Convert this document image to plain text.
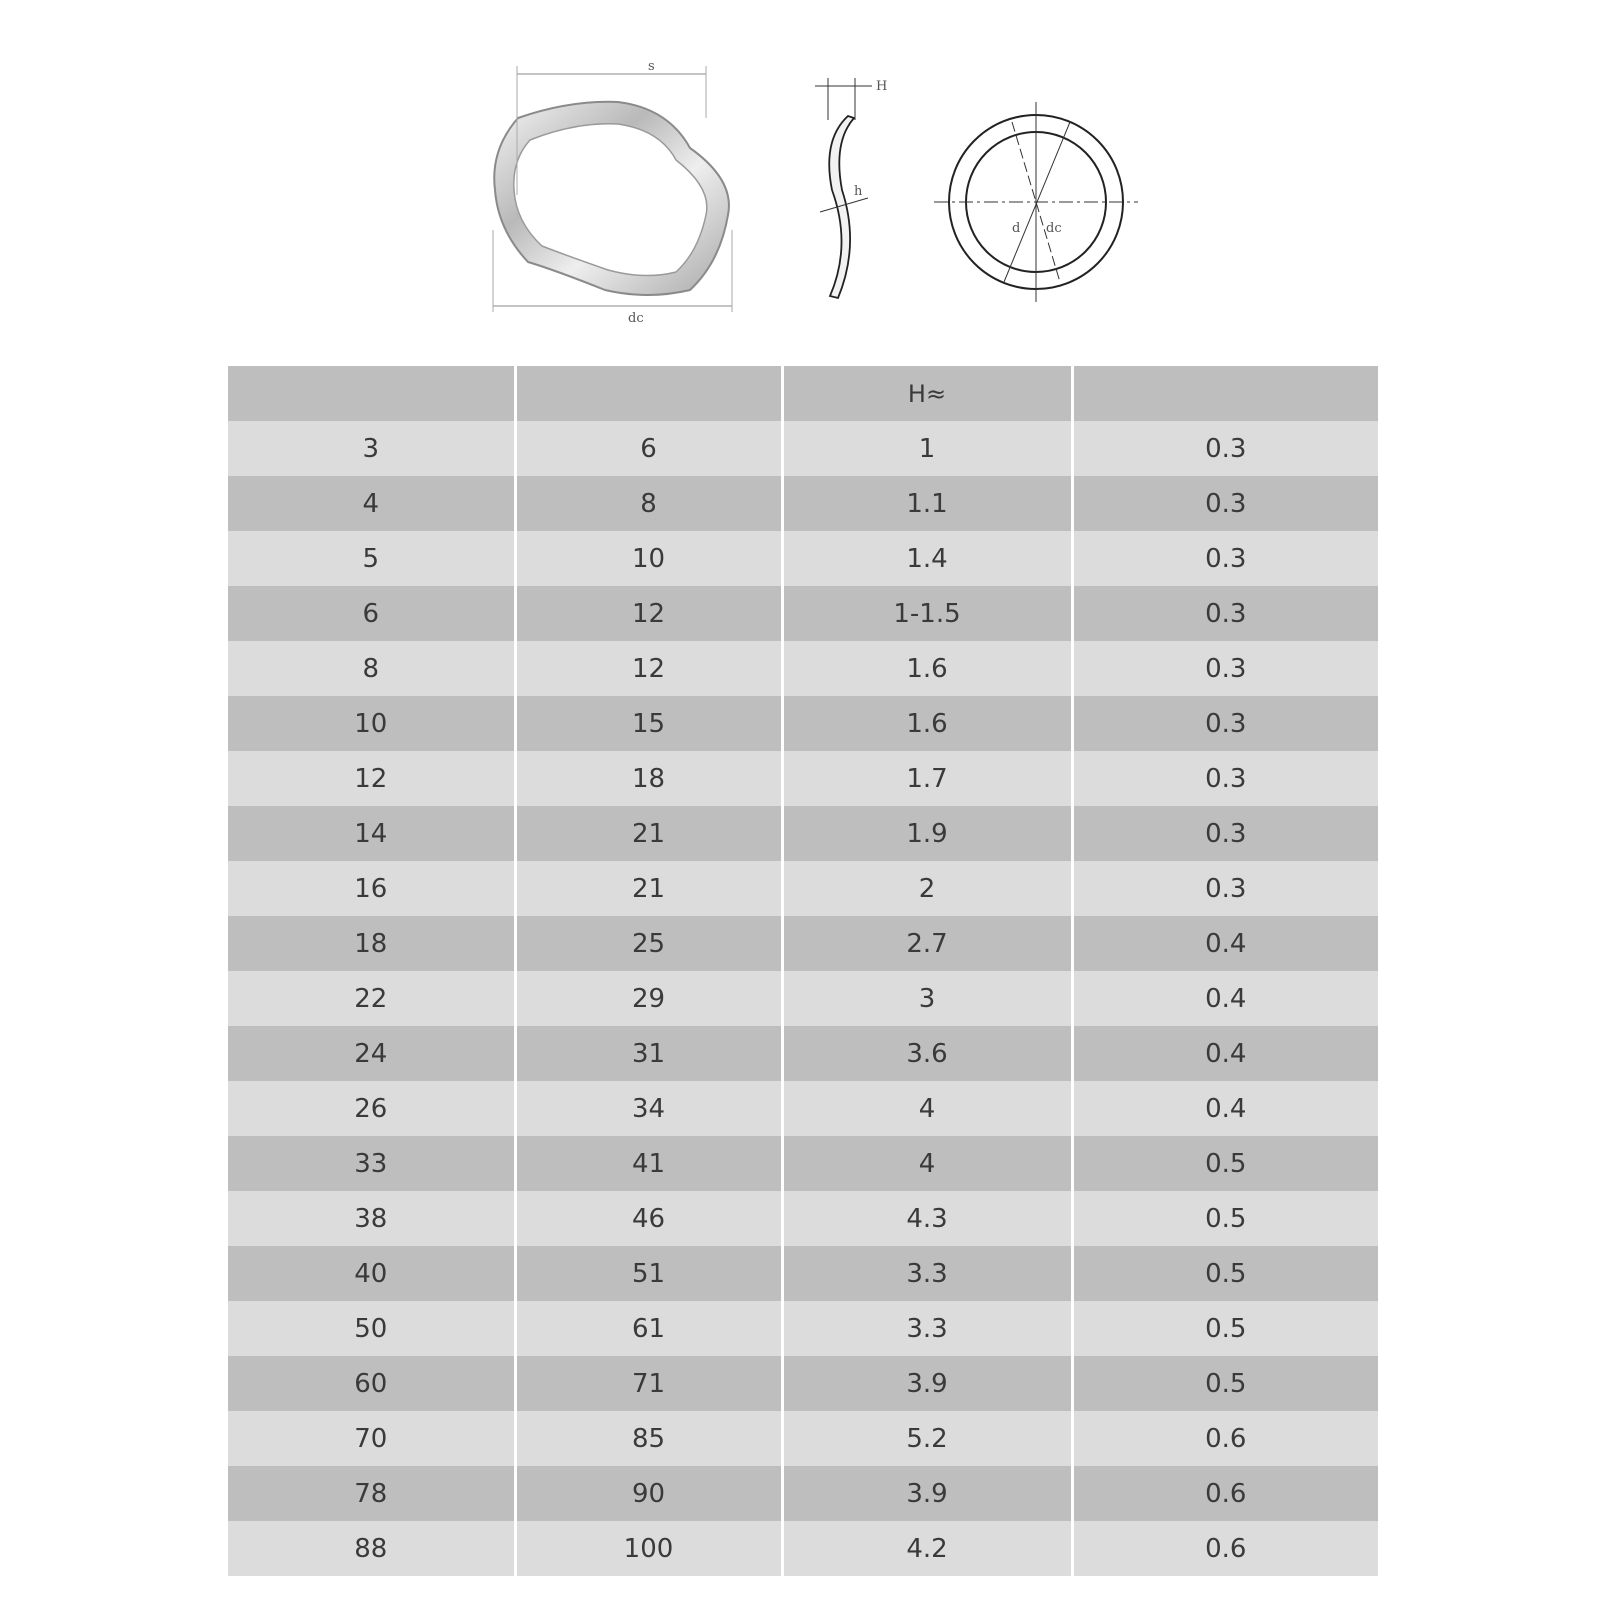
s
dc
H
h
d dc
		H≈	
3	6	1	0.3
4	8	1.1	0.3
5	10	1.4	0.3
6	12	1-1.5	0.3
8	12	1.6	0.3
10	15	1.6	0.3
12	18	1.7	0.3
14	21	1.9	0.3
16	21	2	0.3
18	25	2.7	0.4
22	29	3	0.4
24	31	3.6	0.4
26	34	4	0.4
33	41	4	0.5
38	46	4.3	0.5
40	51	3.3	0.5
50	61	3.3	0.5
60	71	3.9	0.5
70	85	5.2	0.6
78	90	3.9	0.6
88	100	4.2	0.6
